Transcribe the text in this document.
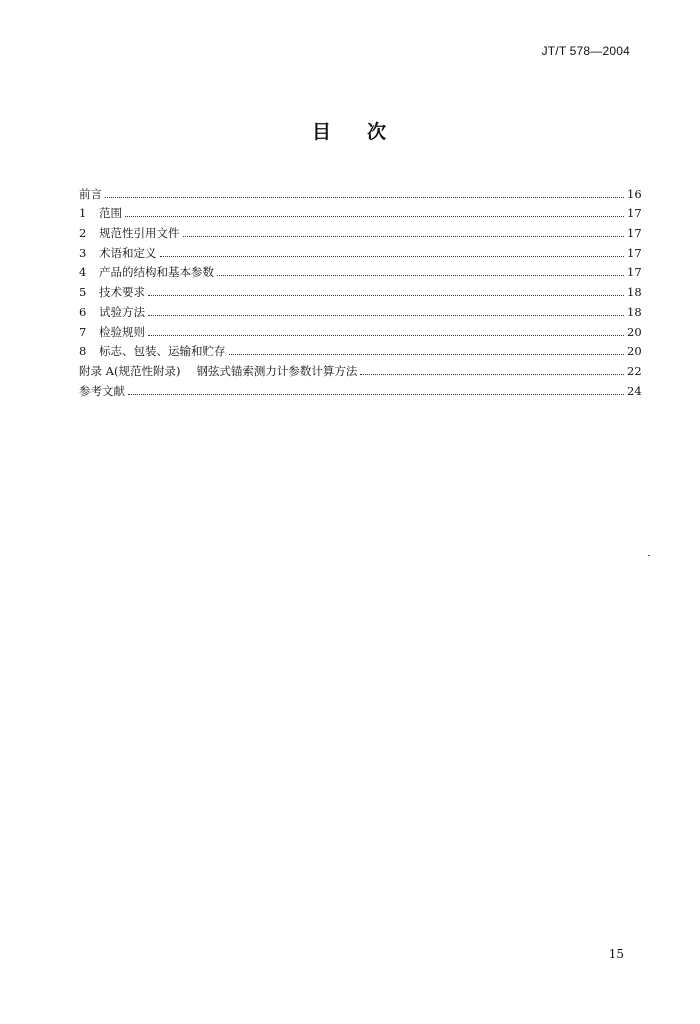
JT/T 578—2004
目 次
前言	16
1	范围	17
2	规范性引用文件	17
3	术语和定义	17
4	产品的结构和基本参数	17
5	技术要求	18
6	试验方法	18
7	检验规则	20
8	标志、包装、运输和贮存	20
附录 A(规范性附录)	钢弦式锚索测力计参数计算方法	22
参考文献	24
15
